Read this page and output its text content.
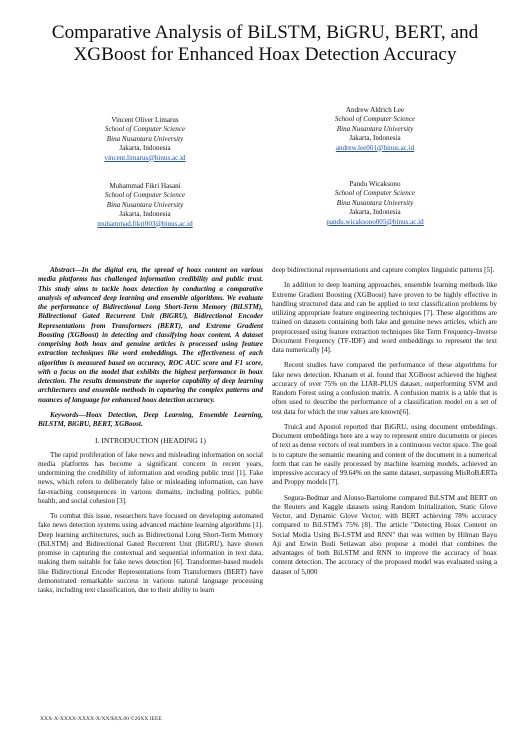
Comparative Analysis of BiLSTM, BiGRU, BERT, and XGBoost for Enhanced Hoax Detection Accuracy
Vincent Oliver Limarus
School of Computer Science
Bina Nusantara University
Jakarta, Indonesia
vincent.limarus@binus.ac.id
Andrew Aldrich Lee
School of Computer Science
Bina Nusantara University
Jakarta, Indonesia
andrew.lee001@binus.ac.id
Muhammad Fikri Hasani
School of Computer Science
Bina Nusantara University
Jakarta, Indonesia
muhammad.fikri003@binus.ac.id
Pandu Wicaksono
School of Computer Science
Bina Nusantara University
Jakarta, Indonesia
pandu.wicaksono005@binus.ac.id

Abstract—In the digital era, the spread of hoax content on various media platforms has challenged information credibility and public trust. This study aims to tackle hoax detection by conducting a comparative analysis of advanced deep learning and ensemble algorithms. We evaluate the performance of Bidirectional Long Short-Term Memory (BiLSTM), Bidirectional Gated Recurrent Unit (BiGRU), Bidirectional Encoder Representations from Transformers (BERT), and Extreme Gradient Boosting (XGBoost) in detecting and classifying hoax content. A dataset comprising both hoax and genuine articles is processed using feature extraction techniques like word embeddings. The effectiveness of each algorithm is measured based on accuracy, ROC AUC score and F1 score, with a focus on the model that exhibits the highest performance in hoax detection. The results demonstrate the superior capability of deep learning architectures and ensemble methods in capturing the complex patterns and nuances of language for enhanced hoax detection accuracy.

Keywords—Hoax Detection, Deep Learning, Ensemble Learning, BiLSTM, BiGRU, BERT, XGBoost.

I. INTRODUCTION (HEADING 1)

The rapid proliferation of fake news and misleading information on social media platforms has become a significant concern in recent years, undermining the credibility of information and eroding public trust [1]. Fake news, which refers to deliberately false or misleading information, can have far-reaching consequences in various domains, including politics, public health, and social cohesion [3].

To combat this issue, researchers have focused on developing automated fake news detection systems using advanced machine learning algorithms [1]. Deep learning architectures, such as Bidirectional Long Short-Term Memory (BiLSTM) and Bidirectional Gated Recurrent Unit (BiGRU), have shown promise in capturing the contextual and sequential information in text data, making them suitable for fake news detection [6]. Transformer-based models like Bidirectional Encoder Representations from Transformers (BERT) have demonstrated remarkable success in various natural language processing tasks, including text classification, due to their ability to learn

deep bidirectional representations and capture complex linguistic patterns [5].

In addition to deep learning approaches, ensemble learning methods like Extreme Gradient Boosting (XGBoost) have proven to be highly effective in handling structured data and can be applied to text classification problems by utilizing appropriate feature engineering techniques [7]. These algorithms are trained on datasets containing both fake and genuine news articles, which are preprocessed using feature extraction techniques like Term Frequency-Inverse Document Frequency (TF-IDF) and word embeddings to represent the text data numerically [4].

Recent studies have compared the performance of these algorithms for fake news detection. Khanam et al. found that XGBoost achieved the highest accuracy of over 75% on the LIAR-PLUS dataset, outperforming SVM and Random Forest using a confusion matrix. A confusion matrix is a table that is often used to describe the performance of a classification model on a set of test data for which the true values are known[6].

Truică and Apostol reported that BiGRU, using document embeddings. Document embeddings here are a way to represent entire documents or pieces of text as dense vectors of real numbers in a continuous vector space. The goal is to capture the semantic meaning and content of the document in a numerical form that can be easily processed by machine learning models, achieved an impressive accuracy of 99.64% on the same dataset, surpassing MisRoBÆRTa and Proppy models [7].

Segura-Bedmar and Alonso-Bartolome compared BiLSTM and BERT on the Reuters and Kaggle datasets using Random Initialization, Static Glove Vector, and Dynamic Glove Vector, with BERT achieving 78% accuracy compared to BiLSTM's 75% [8]. The article "Detecting Hoax Content on Social Media Using Bi-LSTM and RNN" that was written by Hilman Bayu Aji and Erwin Budi Setiawan also propose a model that combines the advantages of both BiLSTM and RNN to improve the accuracy of hoax content detection. The accuracy of the proposed model was evaluated using a dataset of 5,000

XXX-X-XXXX-XXXX-X/XX/$XX.00 ©20XX IEEE
